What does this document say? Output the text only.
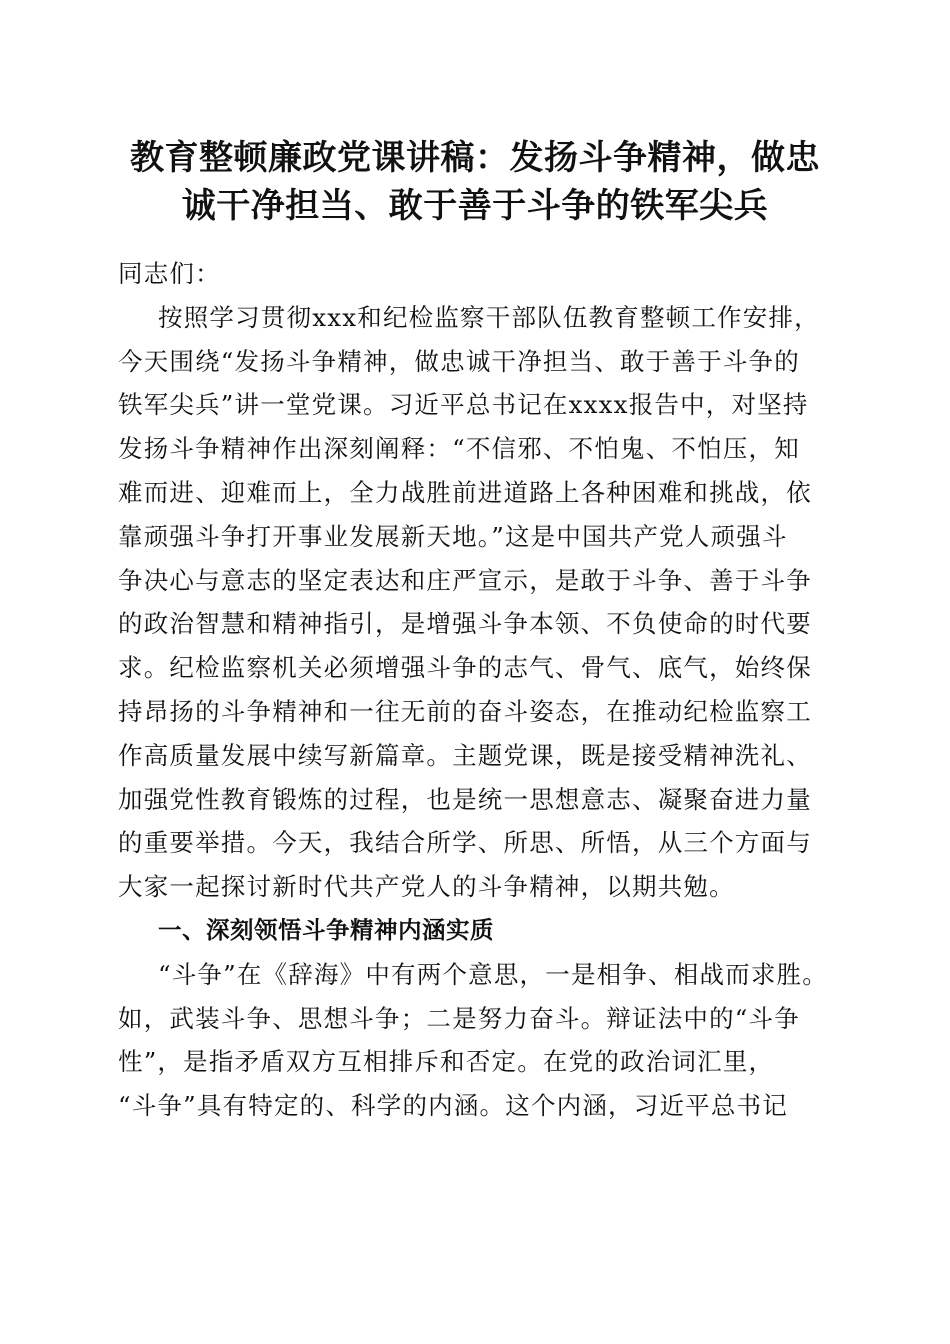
教育整顿廉政党课讲稿：发扬斗争精神，做忠
诚干净担当、敢于善于斗争的铁军尖兵
同志们：
按照学习贯彻xxx和纪检监察干部队伍教育整顿工作安排，
今天围绕“发扬斗争精神，做忠诚干净担当、敢于善于斗争的
铁军尖兵”讲一堂党课。习近平总书记在xxxx报告中，对坚持
发扬斗争精神作出深刻阐释：“不信邪、不怕鬼、不怕压，知
难而进、迎难而上，全力战胜前进道路上各种困难和挑战，依
靠顽强斗争打开事业发展新天地。”这是中国共产党人顽强斗
争决心与意志的坚定表达和庄严宣示，是敢于斗争、善于斗争
的政治智慧和精神指引，是增强斗争本领、不负使命的时代要
求。纪检监察机关必须增强斗争的志气、骨气、底气，始终保
持昂扬的斗争精神和一往无前的奋斗姿态，在推动纪检监察工
作高质量发展中续写新篇章。主题党课，既是接受精神洗礼、
加强党性教育锻炼的过程，也是统一思想意志、凝聚奋进力量
的重要举措。今天，我结合所学、所思、所悟，从三个方面与
大家一起探讨新时代共产党人的斗争精神，以期共勉。
一、深刻领悟斗争精神内涵实质
“斗争”在《辞海》中有两个意思，一是相争、相战而求胜。
如，武装斗争、思想斗争；二是努力奋斗。辩证法中的“斗争
性”，是指矛盾双方互相排斥和否定。在党的政治词汇里，
“斗争”具有特定的、科学的内涵。这个内涵，习近平总书记
